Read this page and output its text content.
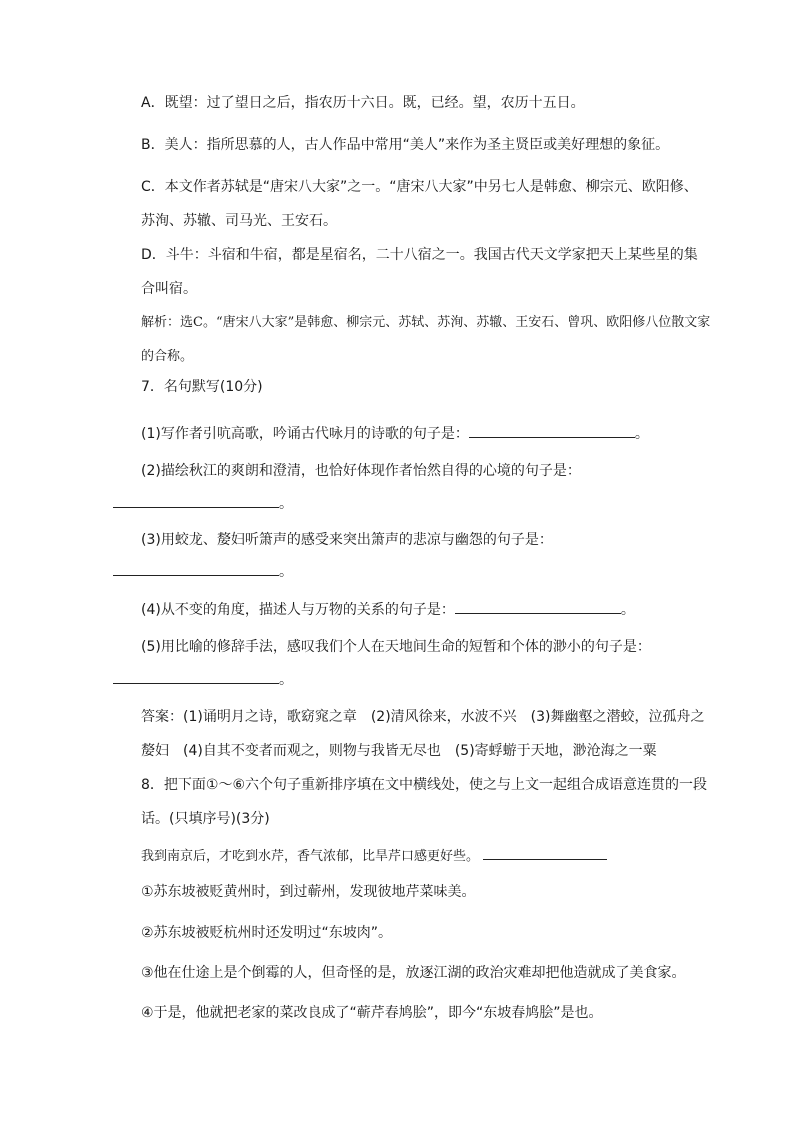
A．既望：过了望日之后，指农历十六日。既，已经。望，农历十五日。
B．美人：指所思慕的人，古人作品中常用“美人”来作为圣主贤臣或美好理想的象征。
C．本文作者苏轼是“唐宋八大家”之一。“唐宋八大家”中另七人是韩愈、柳宗元、欧阳修、苏洵、苏辙、司马光、王安石。
D．斗牛：斗宿和牛宿，都是星宿名，二十八宿之一。我国古代天文学家把天上某些星的集合叫宿。
解析：选C。“唐宋八大家”是韩愈、柳宗元、苏轼、苏洵、苏辙、王安石、曾巩、欧阳修八位散文家的合称。
7．名句默写(10分)
(1)写作者引吭高歌，吟诵古代咏月的诗歌的句子是：	。
(2)描绘秋江的爽朗和澄清，也恰好体现作者怡然自得的心境的句子是：
。
(3)用蛟龙、嫠妇听箫声的感受来突出箫声的悲凉与幽怨的句子是：
。
(4)从不变的角度，描述人与万物的关系的句子是：	。
(5)用比喻的修辞手法，感叹我们个人在天地间生命的短暂和个体的渺小的句子是：
。
答案：(1)诵明月之诗，歌窈窕之章　(2)清风徐来，水波不兴　(3)舞幽壑之潜蛟，泣孤舟之嫠妇　(4)自其不变者而观之，则物与我皆无尽也　(5)寄蜉蝣于天地，渺沧海之一粟
8．把下面①～⑥六个句子重新排序填在文中横线处，使之与上文一起组合成语意连贯的一段话。(只填序号)(3分)
我到南京后，才吃到水芹，香气浓郁，比旱芹口感更好些。
①苏东坡被贬黄州时，到过蕲州，发现彼地芹菜味美。
②苏东坡被贬杭州时还发明过“东坡肉”。
③他在仕途上是个倒霉的人，但奇怪的是，放逐江湖的政治灾难却把他造就成了美食家。
④于是，他就把老家的菜改良成了“蕲芹春鸠脍”，即今“东坡春鸠脍”是也。
